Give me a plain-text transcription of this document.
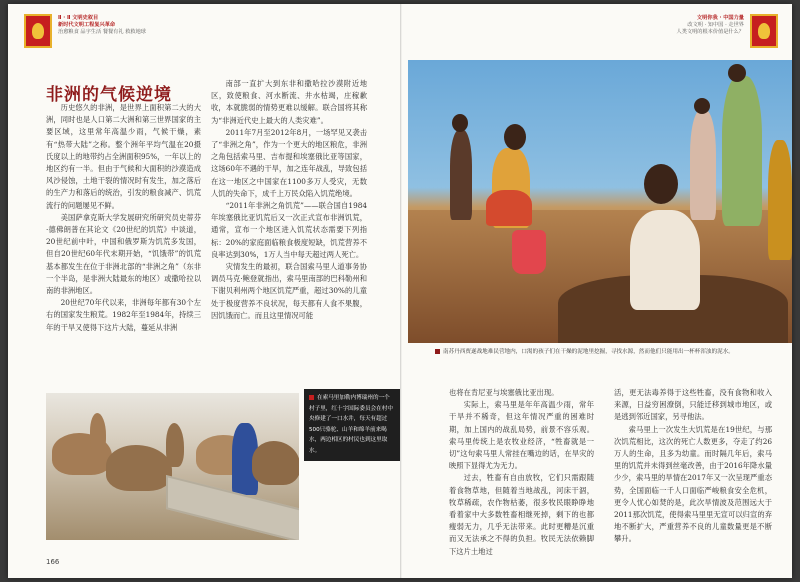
Ⅱ · Ⅱ 文明史叙目
新时代文明工程复兴革命
治愈粮食 品字生活 餐餐有礼 救救地球
文明你我 · 中国力量
改文明 · 知中国 · 走世界
人类文明的根本价值是什么？
非洲的气候逆境

历史悠久的非洲，是世界上面积第二大的大洲，同时也是人口第二大洲和第三世界国家的主要区域，这里常年高温少雨，气候干燥，素有“热带大陆”之称。整个洲年平均气温在20摄氏度以上的地带约占全洲面积95%，一年以上的地区约有一半。但由于气候和大面积的沙漠造成风沙侵蚀，土地干裂的情况时有发生，加之落后的生产力和落后的统治，引发的粮食减产、饥荒流行的问题屡见不鲜。

美国萨拿克斯大学发展研究所研究员史蒂芬·德佛朗普在其论文《20世纪的饥荒》中谈道，20世纪前中叶，中国和俄罗斯为饥荒多发国，但自20世纪60年代末期开始，“饥饿带”的饥荒基本都发生在位于非洲北部的“非洲之角”（东非一个半岛，是非洲大陆最东的地区）或撒哈拉以南的非洲地区。

20世纪70年代以来，非洲每年都有30个左右的国家发生粮荒。1982年至1984年，持续三年的干旱又使得下这片大陆，蔓延从非洲

南部一直扩大到东非和撒哈拉沙漠附近地区，致使粮食、河水断流、井水枯竭，庄稼歉收，本就脆弱的情势更难以缓解。联合国将其称为“非洲近代史上最大的人类灾难”。

2011年7月至2012年8月，一场罕见又袭击了“非洲之角”，作为一个更大的地区粮危，非洲之角包括索马里、吉布提和埃塞俄比亚等国家，这场60年不遇的干旱，加之连年战乱，导致包括在这一地区之中国家在1100多万人受灾，无数人饥的失命下，成千上万民众陷入饥荒绝境。

“2011年非洲之角饥荒”——联合国自1984年埃塞俄比亚饥荒后又一次正式宣布非洲饥荒，通常，宣布一个地区进入饥荒状态需要下列指标：20%的家庭面临粮食极度短缺，饥荒营养不良率达到30%，1万人当中每天超过两人死亡。

灾情发生的最初，联合国索马里人道事务协调员马克·鲍登就指出，索马里南部的巴科勒州和下谢贝利州两个地区饥荒严重，超过30%的儿童处于极度营养不良状况，每天都有人食不果腹，因饥饿而亡。而且这里情况可能

南苏丹西贾遂战地难民营地内，口渴的孩子们在干燥的泥地里挖掘，寻找水源，然而他们只能用出一杯杯浑浊的泥水。
在索马里加勒内博瑞州的一个村子里，红十字国际委员会在村中央修建了一口水井，每天有超过500只骆驼、山羊和绵羊前来喝水，两边相区的村民也到这里取水。

也将在肯尼亚与埃塞俄比亚出现。

实际上，索马里是年年高温少雨，常年干旱并不稀奇，但这年情况严重的困难时期，加上国内的战乱局势，前景不容乐观。索马里传统上是农牧业经济，“牲畜就是一切”这句索马里人常挂在嘴边的话，在旱灾的映照下显得尤为无力。

过去，牲畜有自由放牧，它们只需跟随着食物草地，但随着当地战乱，河床干涸，牧草稀疏，农作物枯萎，很多牧民眼睁睁地看着家中大多数牲畜相继死掉，剩下的也都瘦弱无力，几乎无法带来。此时更糟是沉重而又无法承之不得的负担。牧民无法依赖脚下这片土地过

活，更无法毒养得于这些牲畜，没有食物和收入来源，日益穷困潦倒，只能迁移到城市地区，或是逃到邻近国家，另寻他法。

索马里上一次发生大饥荒是在19世纪，与那次饥荒相比，这次的死亡人数更多，夺走了约26万人的生命，且多为幼童。而时隔几年后，索马里的饥荒并未得到丝毫改善，由于2016年降水量少少，索马里的旱情在2017年又一次呈现严重态势，全国面临一千人口面临严峻粮食安全危机，更令人忧心如焚的是，此次旱情波及范围远大于2011那次饥荒，使得索马里里无宣可以归宣的弃地不断扩大，严重营养不良的儿童数量更是不断攀升。

166
